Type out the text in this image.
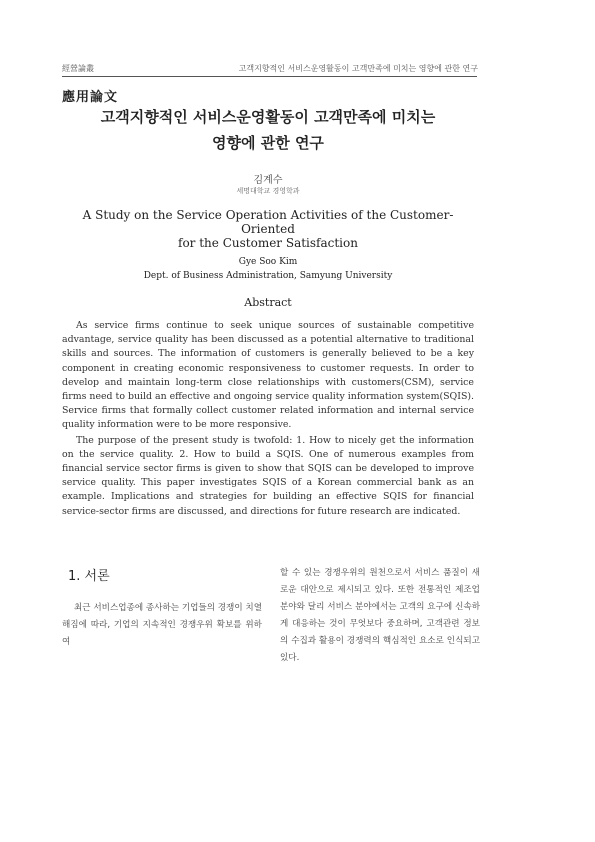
經營論叢	고객지향적인 서비스운영활동이 고객만족에 미치는 영향에 관한 연구
應用論文
고객지향적인 서비스운영활동이 고객만족에 미치는
영향에 관한 연구
김계수
세명대학교 경영학과
A Study on the Service Operation Activities of the Customer-Oriented
for the Customer Satisfaction
Gye Soo Kim
Dept. of Business Administration, Samyung University
Abstract

As service firms continue to seek unique sources of sustainable competitive advantage, service quality has been discussed as a potential alternative to traditional skills and sources. The information of customers is generally believed to be a key component in creating economic responsiveness to customer requests. In order to develop and maintain long-term close relationships with customers(CSM), service firms need to build an effective and ongoing service quality information system(SQIS). Service firms that formally collect customer related information and internal service quality information were to be more responsive.

The purpose of the present study is twofold: 1. How to nicely get the information on the service quality. 2. How to build a SQIS. One of numerous examples from financial service sector firms is given to show that SQIS can be developed to improve service quality. This paper investigates SQIS of a Korean commercial bank as an example. Implications and strategies for building an effective SQIS for financial service-sector firms are discussed, and directions for future research are indicated.

1. 서론
최근 서비스업종에 종사하는 기업들의 경쟁이 치열해짐에 따라, 기업의 지속적인 경쟁우위 확보를 위하여
할 수 있는 경쟁우위의 원천으로서 서비스 품질이 새로운 대안으로 제시되고 있다. 또한 전통적인 제조업 분야와 달리 서비스 분야에서는 고객의 요구에 신속하게 대응하는 것이 무엇보다 중요하며, 고객관련 정보의 수집과 활용이 경쟁력의 핵심적인 요소로 인식되고 있다.
